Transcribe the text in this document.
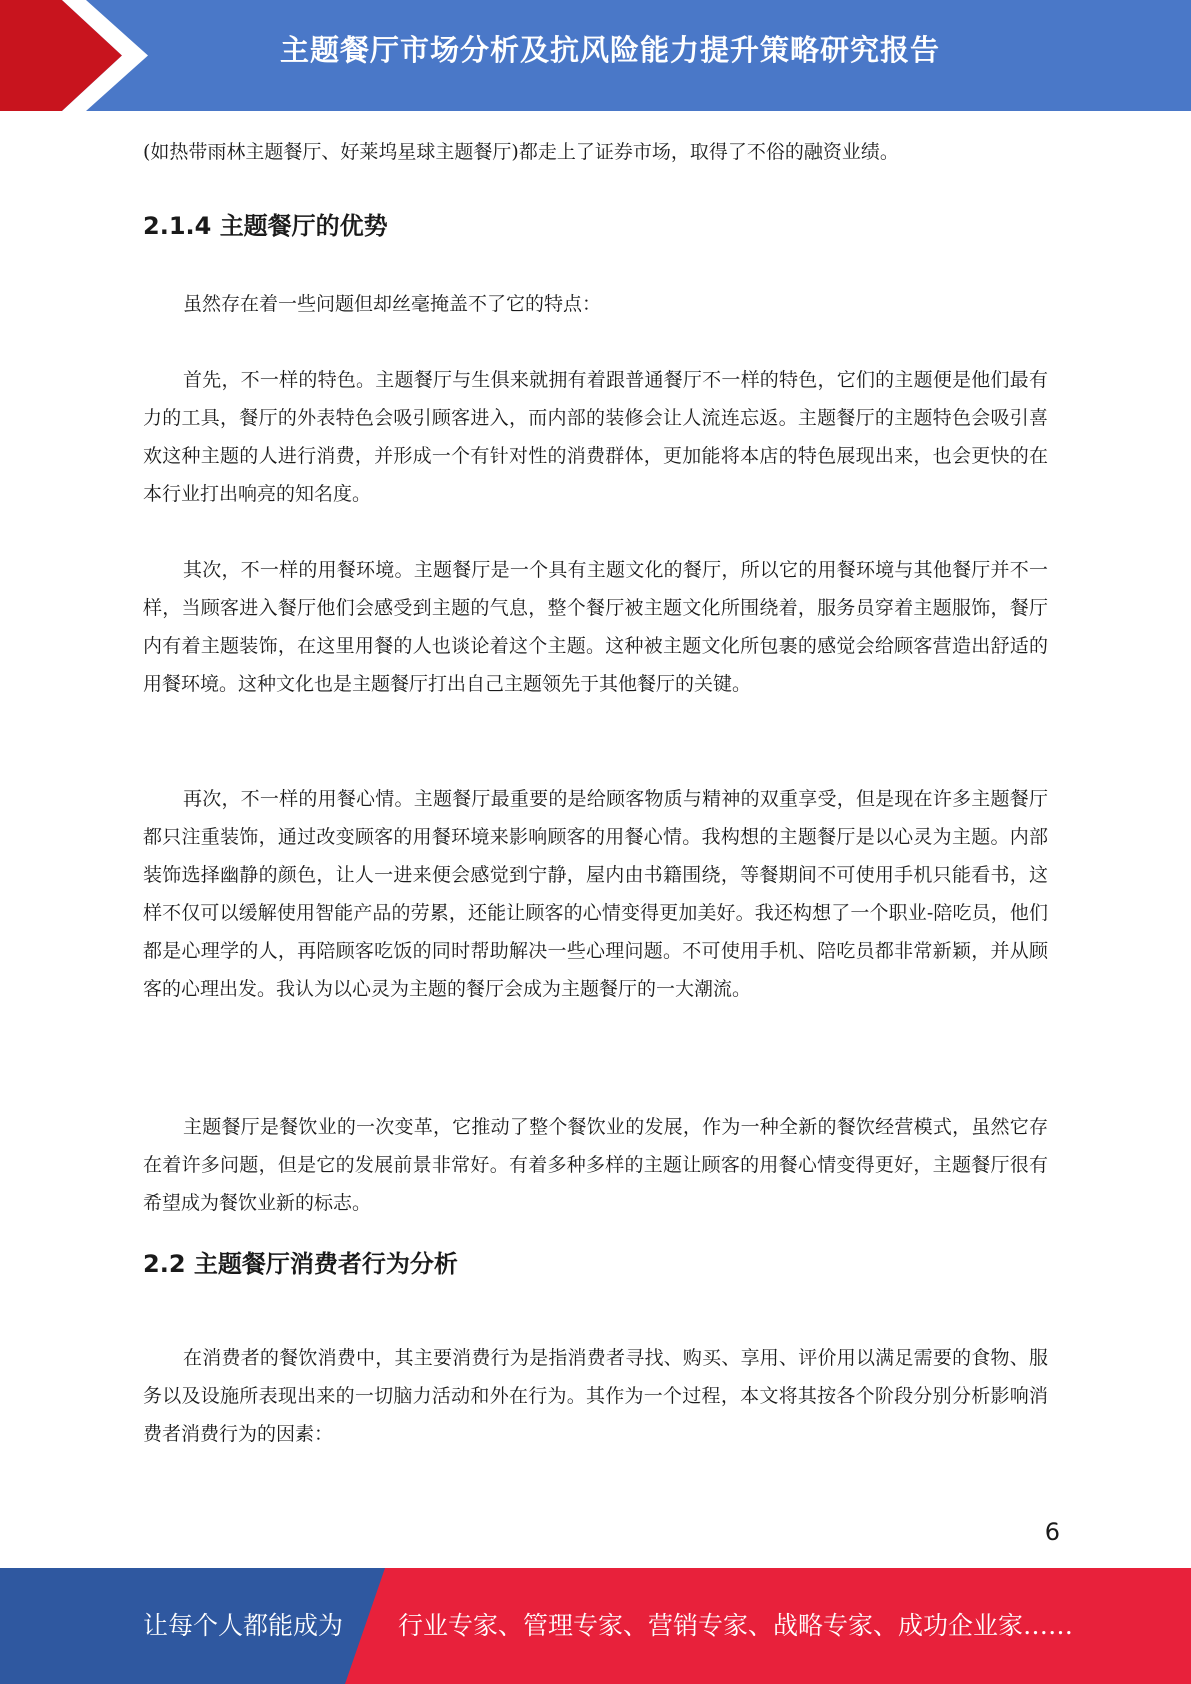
主题餐厅市场分析及抗风险能力提升策略研究报告

(如热带雨林主题餐厅、好莱坞星球主题餐厅)都走上了证券市场，取得了不俗的融资业绩。

2.1.4 主题餐厅的优势

虽然存在着一些问题但却丝毫掩盖不了它的特点：

首先，不一样的特色。主题餐厅与生俱来就拥有着跟普通餐厅不一样的特色，它们的主题便是他们最有力的工具，餐厅的外表特色会吸引顾客进入，而内部的装修会让人流连忘返。主题餐厅的主题特色会吸引喜欢这种主题的人进行消费，并形成一个有针对性的消费群体，更加能将本店的特色展现出来，也会更快的在本行业打出响亮的知名度。

其次，不一样的用餐环境。主题餐厅是一个具有主题文化的餐厅，所以它的用餐环境与其他餐厅并不一样，当顾客进入餐厅他们会感受到主题的气息，整个餐厅被主题文化所围绕着，服务员穿着主题服饰，餐厅内有着主题装饰，在这里用餐的人也谈论着这个主题。这种被主题文化所包裹的感觉会给顾客营造出舒适的用餐环境。这种文化也是主题餐厅打出自己主题领先于其他餐厅的关键。

再次，不一样的用餐心情。主题餐厅最重要的是给顾客物质与精神的双重享受，但是现在许多主题餐厅都只注重装饰，通过改变顾客的用餐环境来影响顾客的用餐心情。我构想的主题餐厅是以心灵为主题。内部装饰选择幽静的颜色，让人一进来便会感觉到宁静，屋内由书籍围绕，等餐期间不可使用手机只能看书，这样不仅可以缓解使用智能产品的劳累，还能让顾客的心情变得更加美好。我还构想了一个职业-陪吃员，他们都是心理学的人，再陪顾客吃饭的同时帮助解决一些心理问题。不可使用手机、陪吃员都非常新颖，并从顾客的心理出发。我认为以心灵为主题的餐厅会成为主题餐厅的一大潮流。

主题餐厅是餐饮业的一次变革，它推动了整个餐饮业的发展，作为一种全新的餐饮经营模式，虽然它存在着许多问题，但是它的发展前景非常好。有着多种多样的主题让顾客的用餐心情变得更好，主题餐厅很有希望成为餐饮业新的标志。

2.2 主题餐厅消费者行为分析

在消费者的餐饮消费中，其主要消费行为是指消费者寻找、购买、享用、评价用以满足需要的食物、服务以及设施所表现出来的一切脑力活动和外在行为。其作为一个过程，本文将其按各个阶段分别分析影响消费者消费行为的因素：

6
让每个人都能成为 行业专家、管理专家、营销专家、战略专家、成功企业家……
